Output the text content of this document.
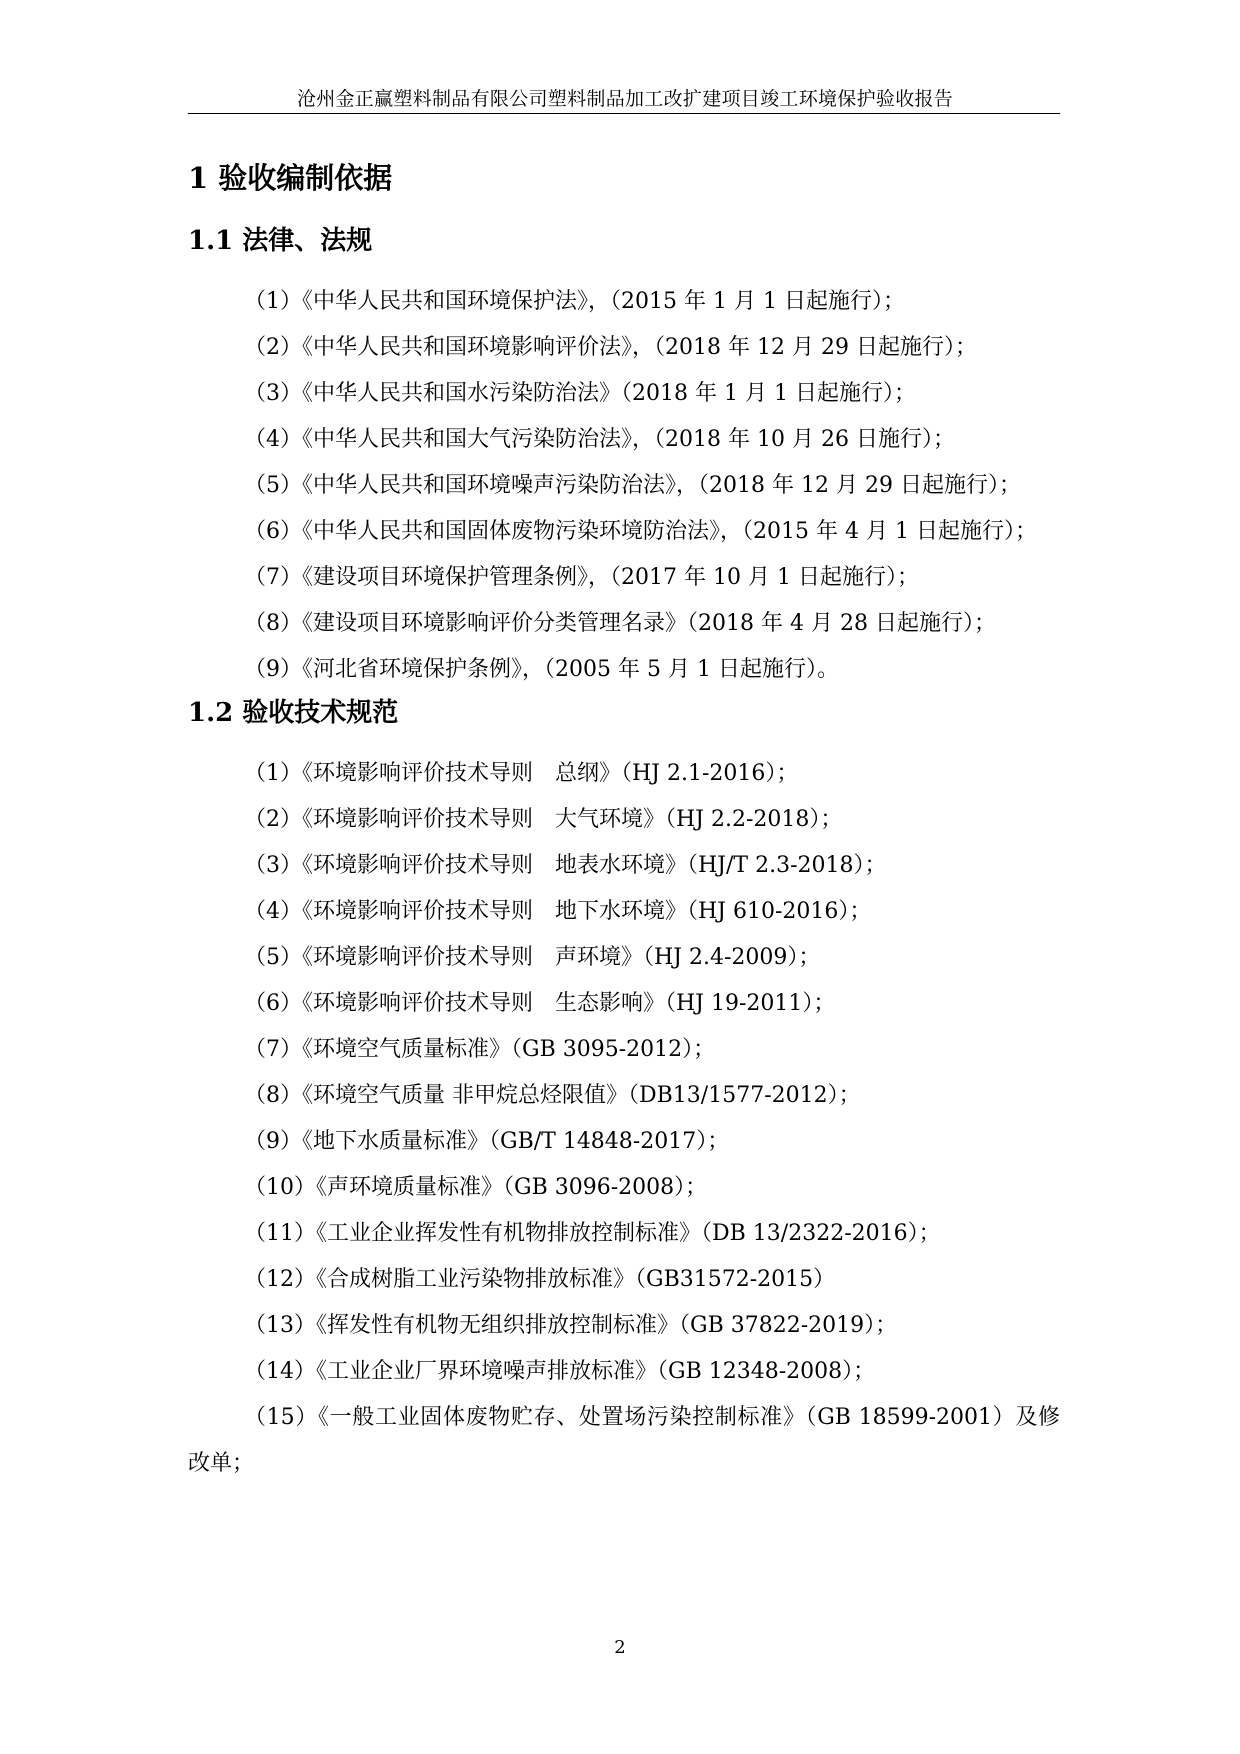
沧州金正赢塑料制品有限公司塑料制品加工改扩建项目竣工环境保护验收报告
1 验收编制依据
1.1 法律、法规

（1）《中华人民共和国环境保护法》，（2015 年 1 月 1 日起施行）；

（2）《中华人民共和国环境影响评价法》，（2018 年 12 月 29 日起施行）；

（3）《中华人民共和国水污染防治法》（2018 年 1 月 1 日起施行）；

（4）《中华人民共和国大气污染防治法》，（2018 年 10 月 26 日施行）；

（5）《中华人民共和国环境噪声污染防治法》，（2018 年 12 月 29 日起施行）；

（6）《中华人民共和国固体废物污染环境防治法》，（2015 年 4 月 1 日起施行）；

（7）《建设项目环境保护管理条例》，（2017 年 10 月 1 日起施行）；

（8）《建设项目环境影响评价分类管理名录》（2018 年 4 月 28 日起施行）；

（9）《河北省环境保护条例》，（2005 年 5 月 1 日起施行）。

1.2 验收技术规范

（1）《环境影响评价技术导则　总纲》（HJ 2.1-2016）；

（2）《环境影响评价技术导则　大气环境》（HJ 2.2-2018）；

（3）《环境影响评价技术导则　地表水环境》（HJ/T 2.3-2018）；

（4）《环境影响评价技术导则　地下水环境》（HJ 610-2016）；

（5）《环境影响评价技术导则　声环境》（HJ 2.4-2009）；

（6）《环境影响评价技术导则　生态影响》（HJ 19-2011）；

（7）《环境空气质量标准》（GB 3095-2012）；

（8）《环境空气质量 非甲烷总烃限值》（DB13/1577-2012）；

（9）《地下水质量标准》（GB/T 14848-2017）；

（10）《声环境质量标准》（GB 3096-2008）；

（11）《工业企业挥发性有机物排放控制标准》（DB 13/2322-2016）；

（12）《合成树脂工业污染物排放标准》（GB31572-2015）

（13）《挥发性有机物无组织排放控制标准》（GB 37822-2019）；

（14）《工业企业厂界环境噪声排放标准》（GB 12348-2008）；

（15）《一般工业固体废物贮存、处置场污染控制标准》（GB 18599-2001）及修改单；

2
